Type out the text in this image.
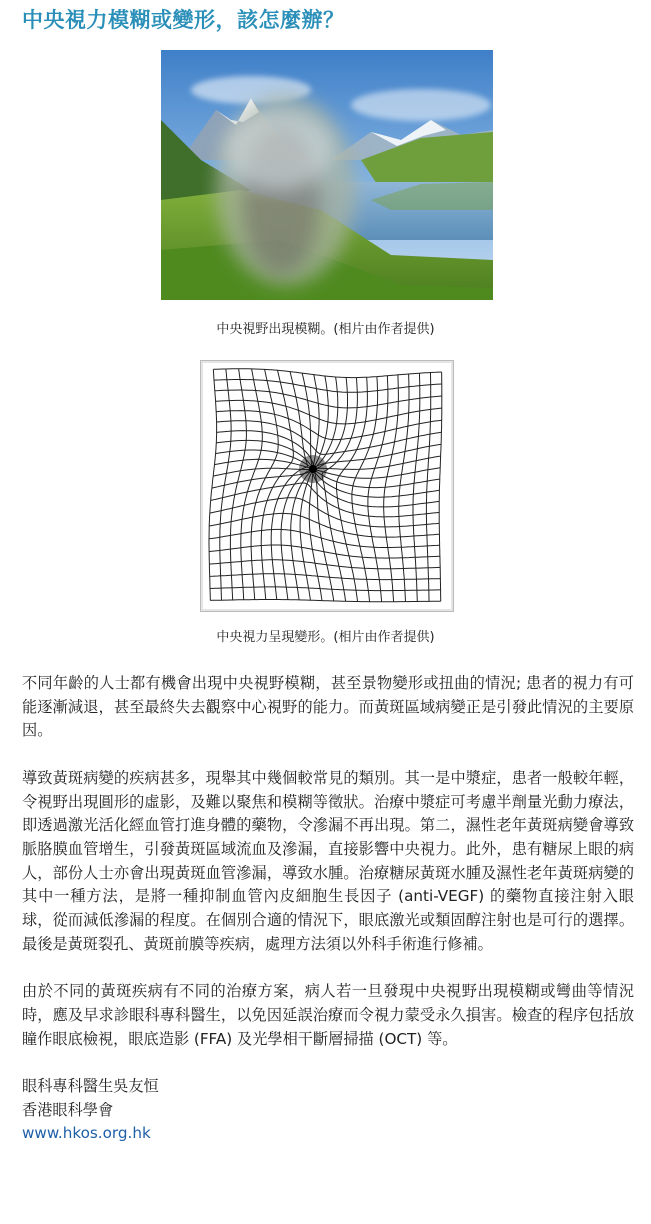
中央視力模糊或變形，該怎麼辦？
中央視野出現模糊。(相片由作者提供)
中央視力呈現變形。(相片由作者提供)

不同年齡的人士都有機會出現中央視野模糊，甚至景物變形或扭曲的情況; 患者的視力有可能逐漸減退，甚至最終失去觀察中心視野的能力。而黃斑區域病變正是引發此情況的主要原因。

導致黃斑病變的疾病甚多，現舉其中幾個較常見的類別。其一是中漿症，患者一般較年輕，令視野出現圓形的虛影，及難以聚焦和模糊等徵狀。治療中漿症可考慮半劑量光動力療法，即透過激光活化經血管打進身體的藥物，令滲漏不再出現。第二，濕性老年黃斑病變會導致脈胳膜血管增生，引發黃斑區域流血及滲漏，直接影響中央視力。此外，患有糖尿上眼的病人，部份人士亦會出現黃斑血管滲漏，導致水腫。治療糖尿黃斑水腫及濕性老年黃斑病變的其中一種方法，是將一種抑制血管內皮細胞生長因子 (anti-VEGF) 的藥物直接注射入眼球，從而減低滲漏的程度。在個別合適的情況下，眼底激光或類固醇注射也是可行的選擇。最後是黃斑裂孔、黃斑前膜等疾病，處理方法須以外科手術進行修補。

由於不同的黃斑疾病有不同的治療方案，病人若一旦發現中央視野出現模糊或彎曲等情況時，應及早求診眼科專科醫生，以免因延誤治療而令視力蒙受永久損害。檢查的程序包括放瞳作眼底檢視，眼底造影 (FFA) 及光學相干斷層掃描 (OCT) 等。

眼科專科醫生吳友恒

香港眼科學會

www.hkos.org.hk
